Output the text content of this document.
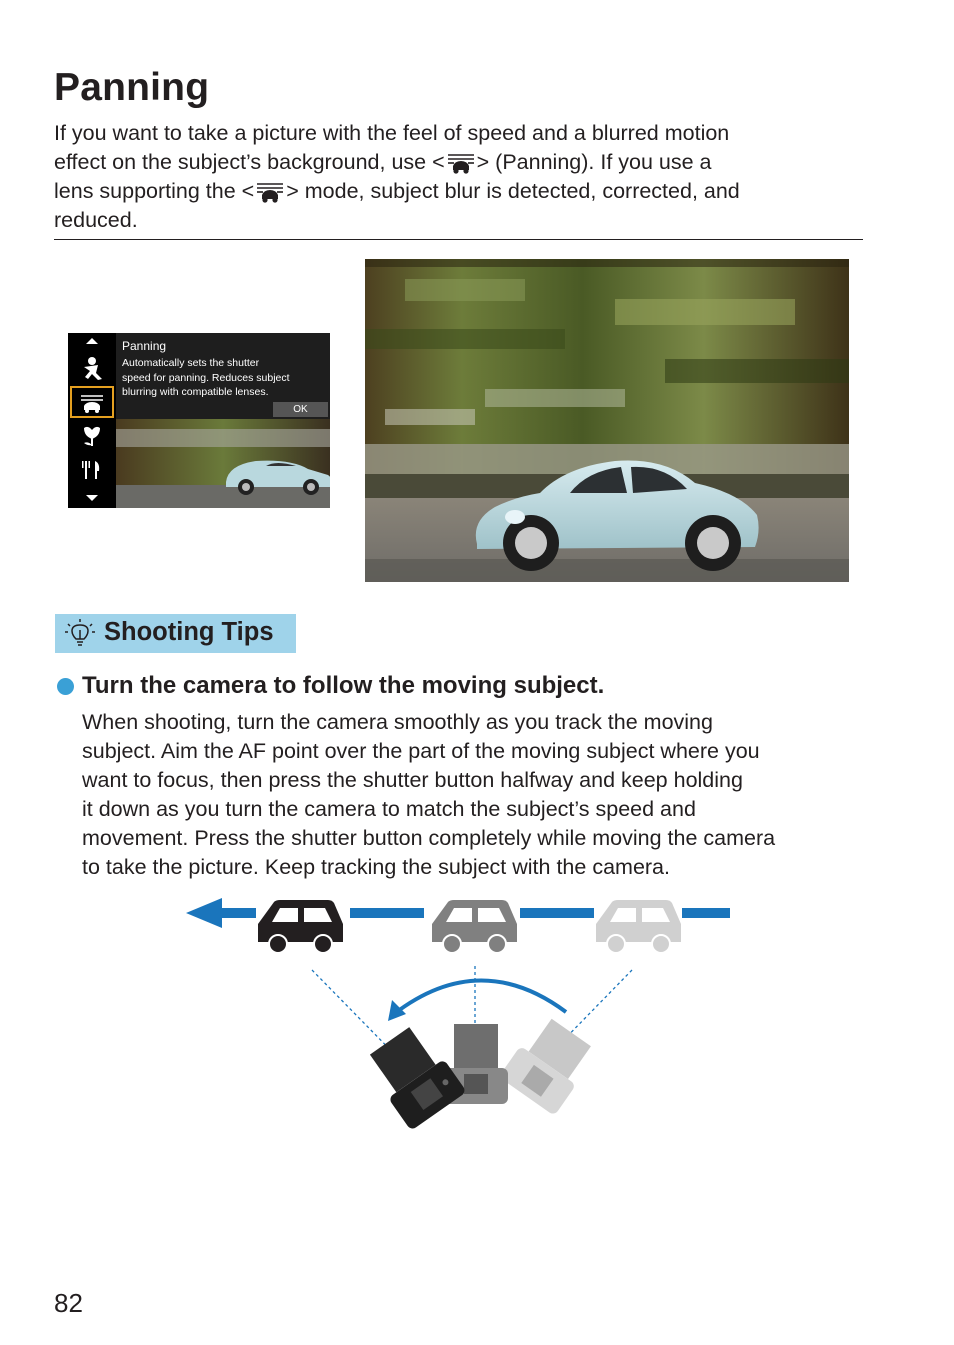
Panning

If you want to take a picture with the feel of speed and a blurred motion
effect on the subject’s background, use < > (Panning). If you use a
lens supporting the < > mode, subject blur is detected, corrected, and
reduced.

Panning
Automatically sets the shutter
speed for panning. Reduces subject
blurring with compatible lenses.
OK
Shooting Tips
Turn the camera to follow the moving subject.

When shooting, turn the camera smoothly as you track the moving
subject. Aim the AF point over the part of the moving subject where you
want to focus, then press the shutter button halfway and keep holding
it down as you turn the camera to match the subject’s speed and
movement. Press the shutter button completely while moving the camera
to take the picture. Keep tracking the subject with the camera.

82
